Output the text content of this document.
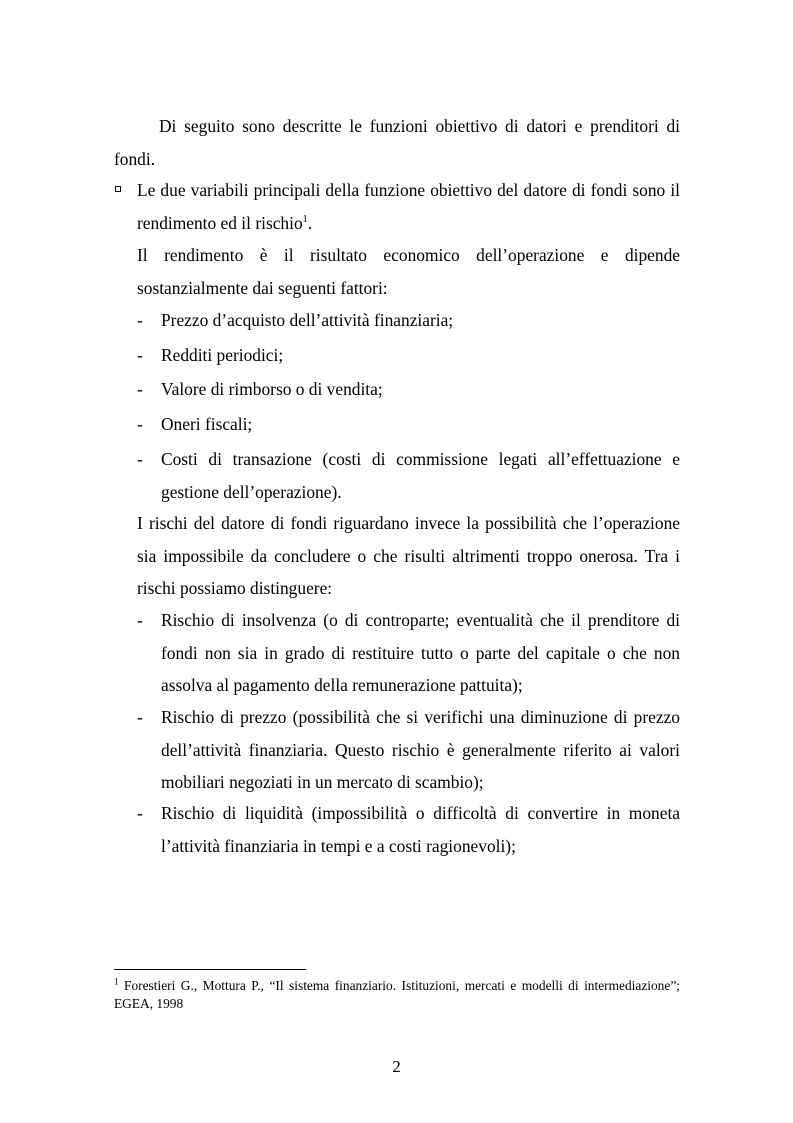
Di seguito sono descritte le funzioni obiettivo di datori e prenditori di fondi.

Le due variabili principali della funzione obiettivo del datore di fondi sono il rendimento ed il rischio$^1$.

Il rendimento è il risultato economico dell’operazione e dipende sostanzialmente dai seguenti fattori:

- Prezzo d’acquisto dell’attività finanziaria;

- Redditi periodici;

- Valore di rimborso o di vendita;

- Oneri fiscali;

- Costi di transazione (costi di commissione legati all’effettuazione e gestione dell’operazione).

I rischi del datore di fondi riguardano invece la possibilità che l’operazione sia impossibile da concludere o che risulti altrimenti troppo onerosa. Tra i rischi possiamo distinguere:

- Rischio di insolvenza (o di controparte; eventualità che il prenditore di fondi non sia in grado di restituire tutto o parte del capitale o che non assolva al pagamento della remunerazione pattuita);

- Rischio di prezzo (possibilità che si verifichi una diminuzione di prezzo dell’attività finanziaria. Questo rischio è generalmente riferito ai valori mobiliari negoziati in un mercato di scambio);

- Rischio di liquidità (impossibilità o difficoltà di convertire in moneta l’attività finanziaria in tempi e a costi ragionevoli);

$^1$ Forestieri G., Mottura P., “Il sistema finanziario. Istituzioni, mercati e modelli di intermediazione”; EGEA, 1998

2
